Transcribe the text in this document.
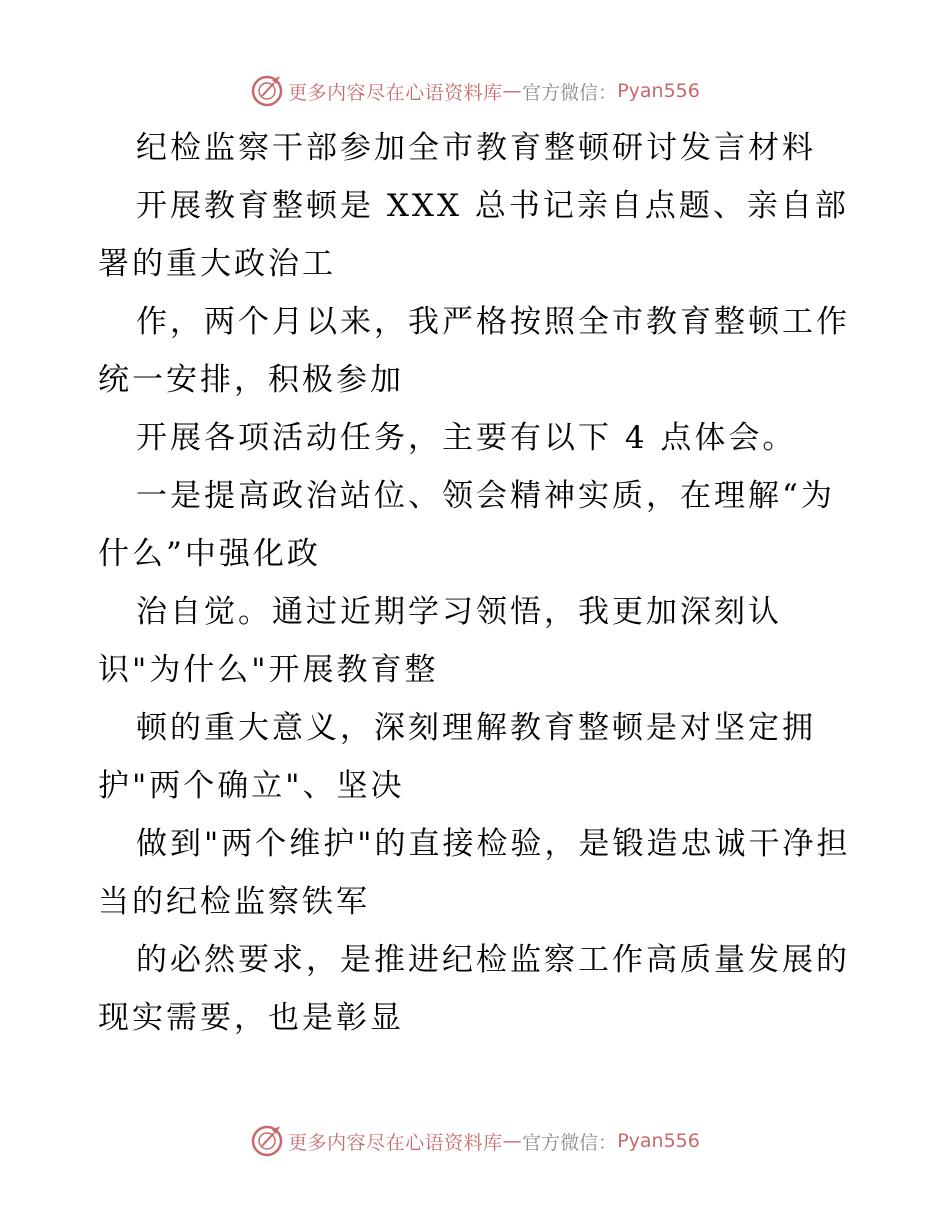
更多内容尽在心语资料库 — 官方微信： Pyan556
纪检监察干部参加全市教育整顿研讨发言材料
开展教育整顿是 XXX 总书记亲自点题、亲自部
署的重大政治工
作，两个月以来，我严格按照全市教育整顿工作
统一安排，积极参加
开展各项活动任务，主要有以下 4 点体会。
一是提高政治站位、领会精神实质，在理解“为
什么”中强化政
治自觉。通过近期学习领悟，我更加深刻认
识"为什么"开展教育整
顿的重大意义，深刻理解教育整顿是对坚定拥
护"两个确立"、坚决
做到"两个维护"的直接检验，是锻造忠诚干净担
当的纪检监察铁军
的必然要求，是推进纪检监察工作高质量发展的
现实需要，也是彰显
更多内容尽在心语资料库 — 官方微信： Pyan556
